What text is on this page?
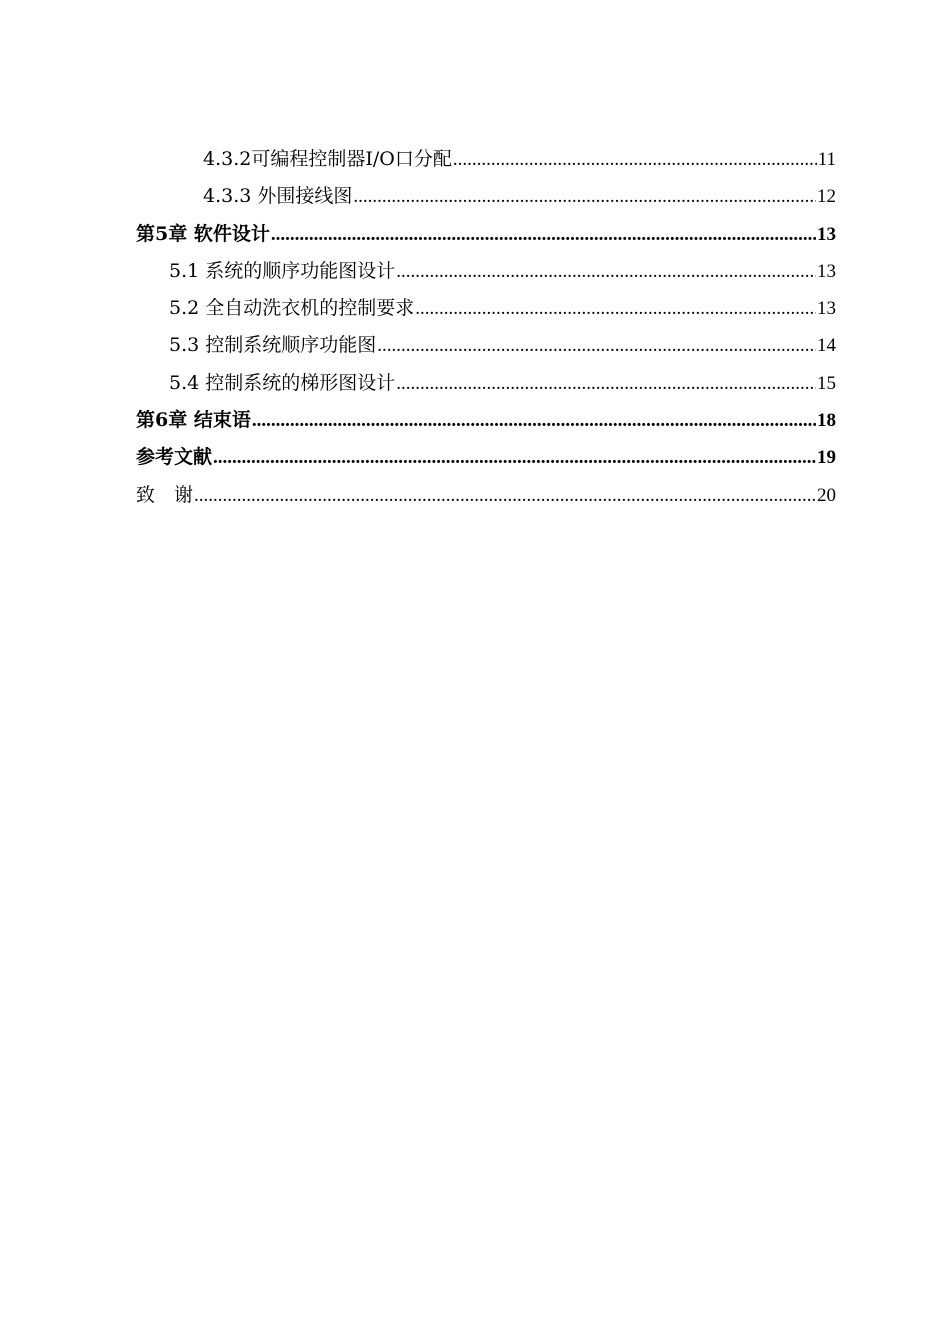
4.3.2可编程控制器I/O口分配 .....	11
4.3.3 外围接线图 .....	12
第5章 软件设计 .....	13
5.1 系统的顺序功能图设计 .....	13
5.2 全自动洗衣机的控制要求 .....	13
5.3 控制系统顺序功能图 .....	14
5.4 控制系统的梯形图设计 .....	15
第6章 结束语 .....	18
参考文献 .....	19
致　谢 .....	20
